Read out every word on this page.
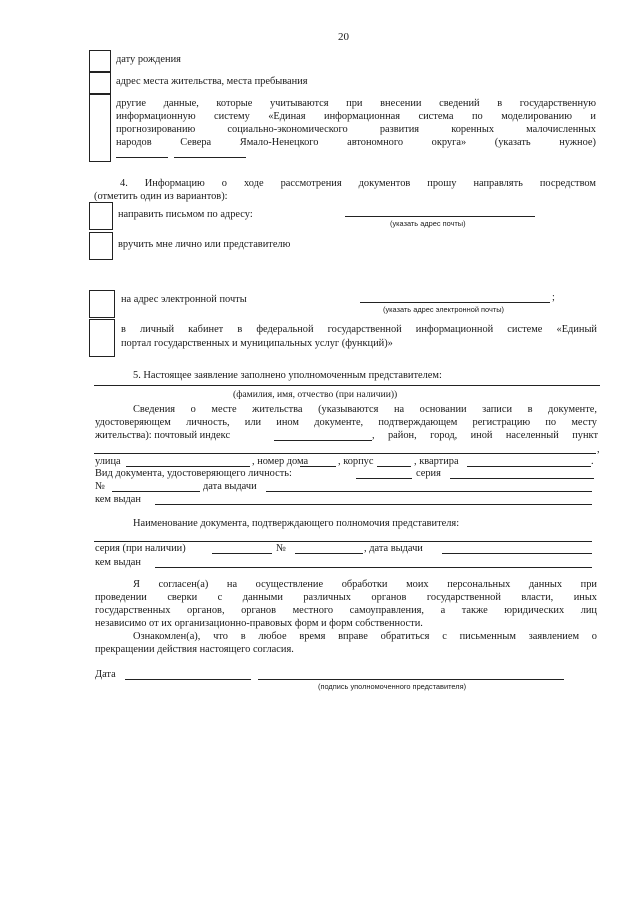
20
дату рождения
адрес места жительства, места пребывания
другие данные, которые учитываются при внесении сведений в государственную
информационную систему «Единая информационная система по моделированию и
прогнозированию социально-экономического развития коренных малочисленных
народов Севера Ямало-Ненецкого автономного округа» (указать нужное)
4. Информацию о ходе рассмотрения документов прошу направлять посредством
(отметить один из вариантов):
направить письмом по адресу:
(указать адрес почты)
вручить мне лично или представителю
на адрес электронной почты	;
(указать адрес электронной почты)
в личный кабинет в федеральной государственной информационной системе «Единый
портал государственных и муниципальных услуг (функций)»
5. Настоящее заявление заполнено уполномоченным представителем:
(фамилия, имя, отчество (при наличии))
Сведения о месте жительства (указываются на основании записи в документе,
удостоверяющем личность, или ином документе, подтверждающем регистрацию по месту
жительства): почтовый индекс	, район, город, иной населенный пункт
,
улица	, номер дома	, корпус	, квартира	.
Вид документа, удостоверяющего личность:	серия
№	дата выдачи
кем выдан
Наименование документа, подтверждающего полномочия представителя:
серия (при наличии)	№	, дата выдачи
кем выдан
Я согласен(а) на осуществление обработки моих персональных данных при
проведении сверки с данными различных органов государственной власти, иных
государственных органов, органов местного самоуправления, а также юридических лиц
независимо от их организационно-правовых форм и форм собственности.
Ознакомлен(а), что в любое время вправе обратиться с письменным заявлением о
прекращении действия настоящего согласия.
Дата
(подпись уполномоченного представителя)
